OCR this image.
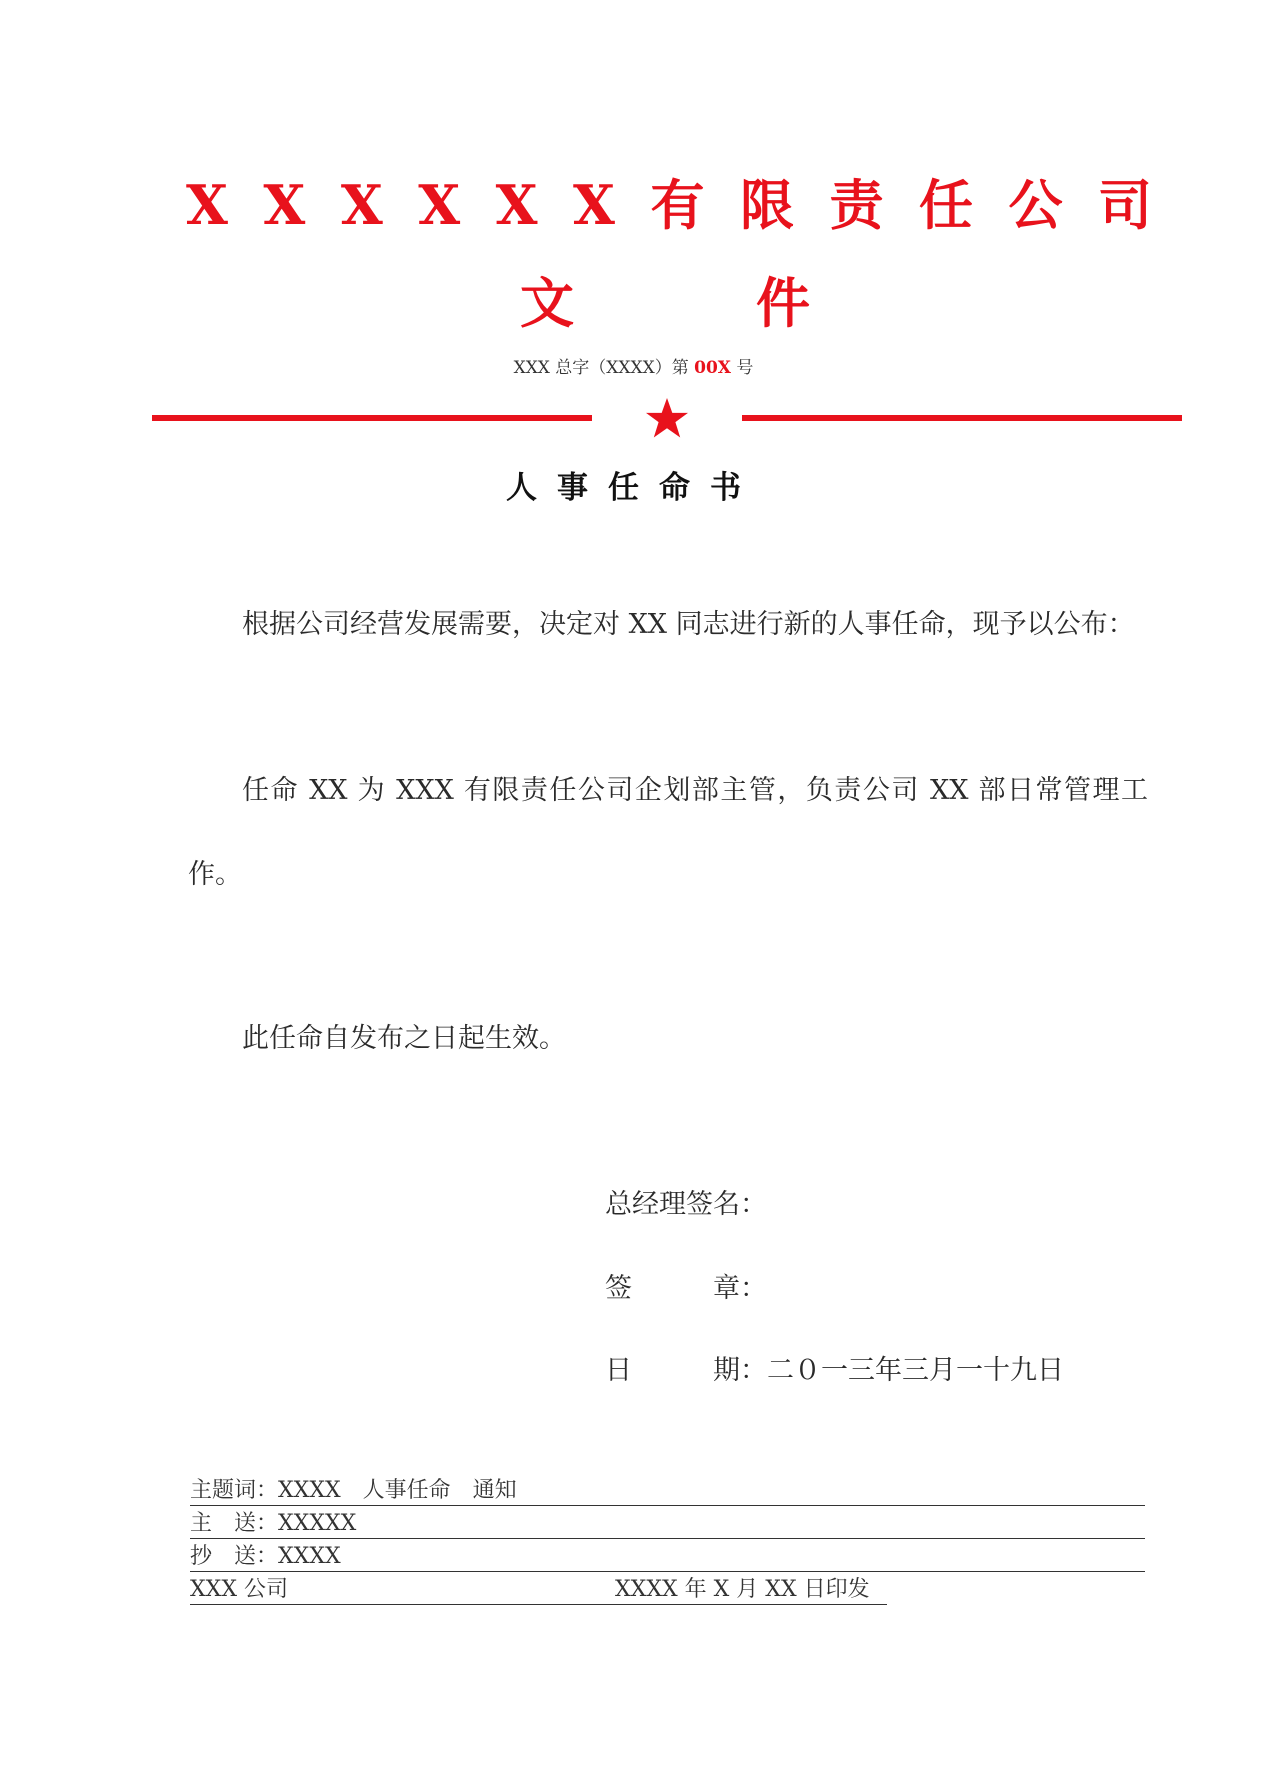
X X X X X X 有 限 责 任 公 司
文	件
XXX 总字（XXXX）第 00X 号
人事任命书
根据公司经营发展需要，决定对 XX 同志进行新的人事任命，现予以公布：
任命 XX 为 XXX 有限责任公司企划部主管，负责公司 XX 部日常管理工作。
此任命自发布之日起生效。
总经理签名：
签　　　章：
日　　　期：二０一三年三月一十九日
主题词：XXXX　人事任命　通知
主　送：XXXXX
抄　送：XXXX
XXX 公司	XXXX 年 X 月 XX 日印发
